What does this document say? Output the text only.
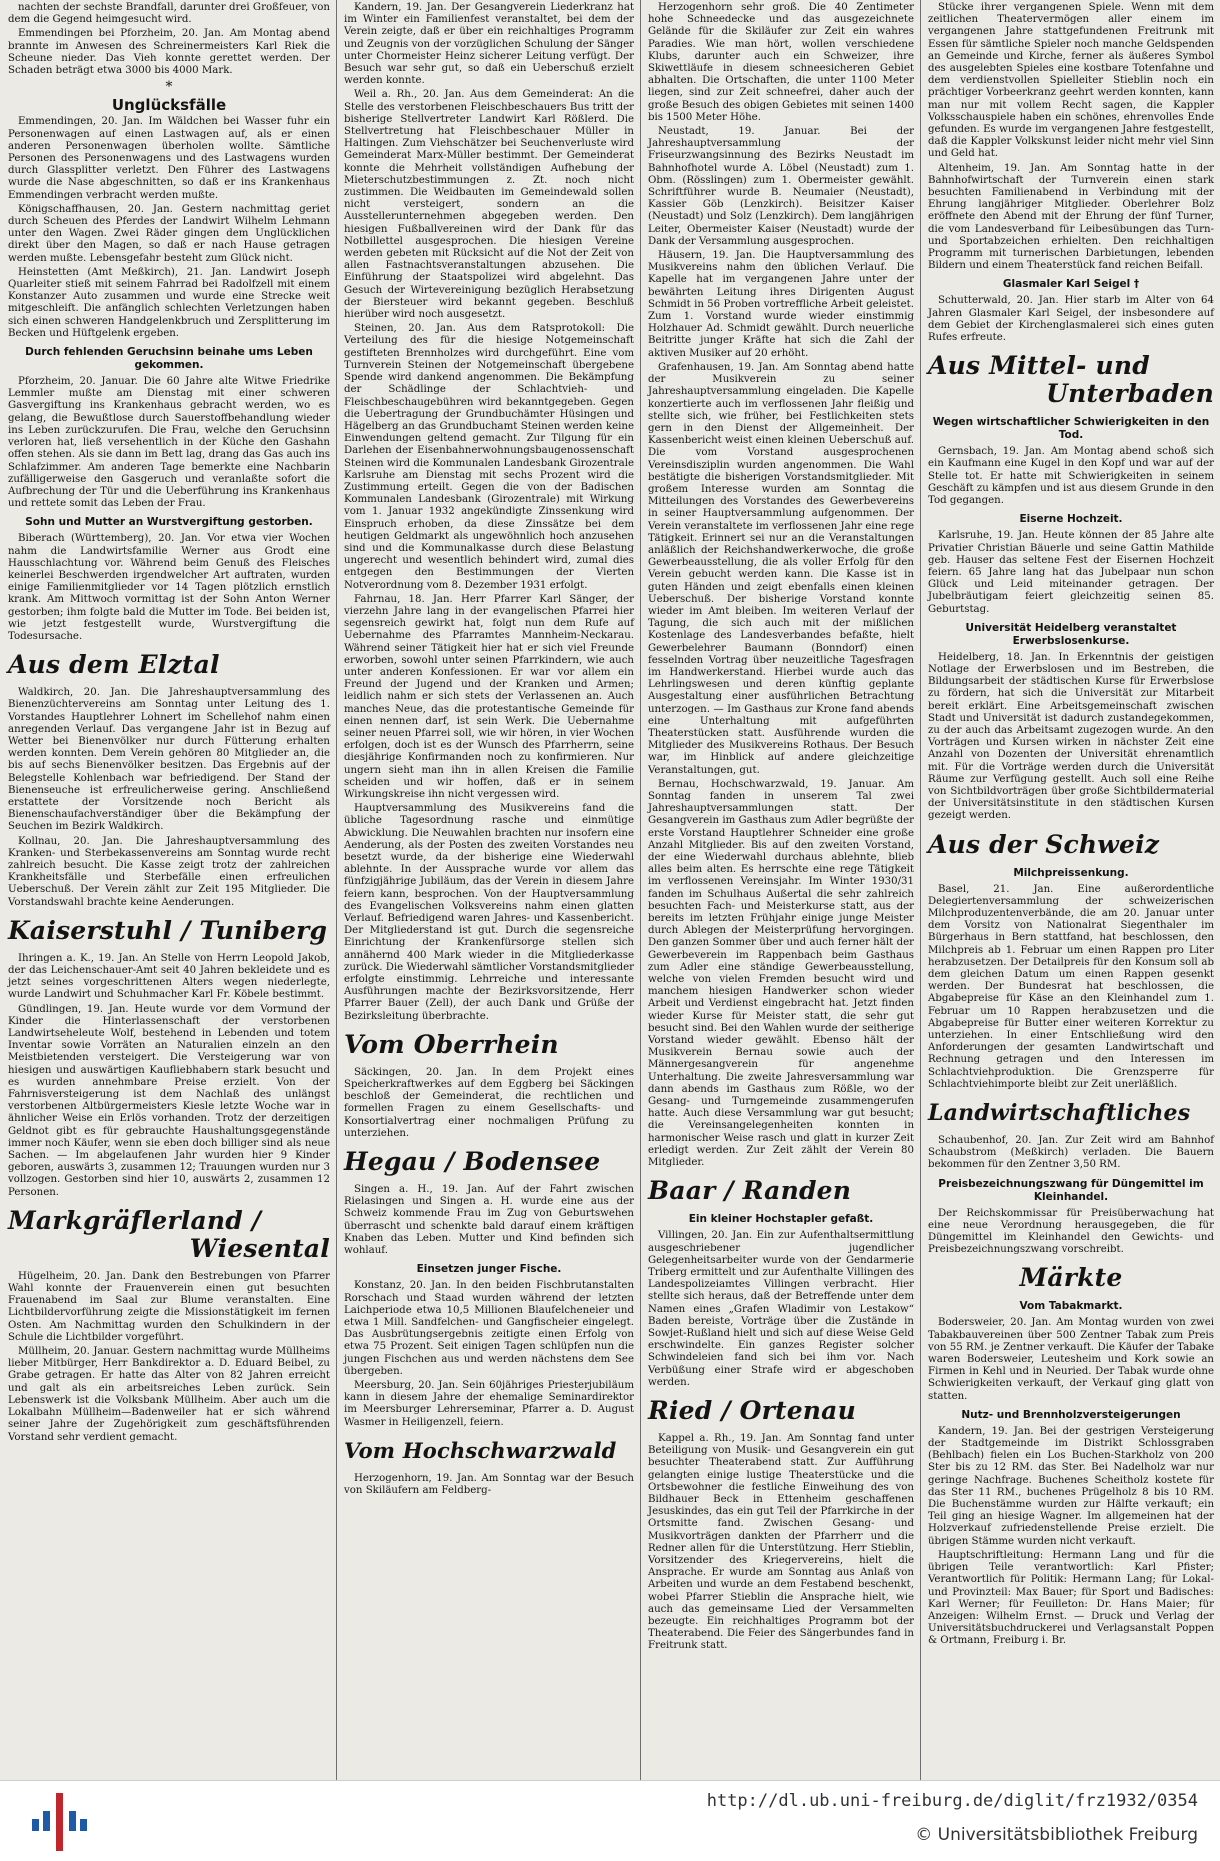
nachten der sechste Brandfall, darunter drei Großfeuer, von dem die Gegend heimgesucht wird.

Emmendingen bei Pforzheim, 20. Jan. Am Montag abend brannte im Anwesen des Schreinermeisters Karl Riek die Scheune nieder. Das Vieh konnte gerettet werden. Der Schaden beträgt etwa 3000 bis 4000 Mark.

*

Unglücksfälle

Emmendingen, 20. Jan. Im Wäldchen bei Wasser fuhr ein Personenwagen auf einen Lastwagen auf, als er einen anderen Personenwagen überholen wollte. Sämtliche Personen des Personenwagens und des Lastwagens wurden durch Glassplitter verletzt. Den Führer des Lastwagens wurde die Nase abgeschnitten, so daß er ins Krankenhaus Emmendingen verbracht werden mußte.

Königschaffhausen, 20. Jan. Gestern nachmittag geriet durch Scheuen des Pferdes der Landwirt Wilhelm Lehmann unter den Wagen. Zwei Räder gingen dem Unglücklichen direkt über den Magen, so daß er nach Hause getragen werden mußte. Lebensgefahr besteht zum Glück nicht.

Heinstetten (Amt Meßkirch), 21. Jan. Landwirt Joseph Quarleiter stieß mit seinem Fahrrad bei Radolfzell mit einem Konstanzer Auto zusammen und wurde eine Strecke weit mitgeschleift. Die anfänglich schlechten Verletzungen haben sich einen schweren Handgelenkbruch und Zersplitterung im Becken und Hüftgelenk ergeben.

Durch fehlenden Geruchsinn beinahe ums Leben gekommen.

Pforzheim, 20. Januar. Die 60 Jahre alte Witwe Friedrike Lemmler mußte am Dienstag mit einer schweren Gasvergiftung ins Krankenhaus gebracht werden, wo es gelang, die Bewußtlose durch Sauerstoffbehandlung wieder ins Leben zurückzurufen. Die Frau, welche den Geruchsinn verloren hat, ließ versehentlich in der Küche den Gashahn offen stehen. Als sie dann im Bett lag, drang das Gas auch ins Schlafzimmer. Am anderen Tage bemerkte eine Nachbarin zufälligerweise den Gasgeruch und veranlaßte sofort die Aufbrechung der Tür und die Ueberführung ins Krankenhaus und rettete somit das Leben der Frau.

Sohn und Mutter an Wurstvergiftung gestorben.

Biberach (Württemberg), 20. Jan. Vor etwa vier Wochen nahm die Landwirtsfamilie Werner aus Grodt eine Hausschlachtung vor. Während beim Genuß des Fleisches keinerlei Beschwerden irgendwelcher Art auftraten, wurden einige Familienmitglieder vor 14 Tagen plötzlich ernstlich krank. Am Mittwoch vormittag ist der Sohn Anton Werner gestorben; ihm folgte bald die Mutter im Tode. Bei beiden ist, wie jetzt festgestellt wurde, Wurstvergiftung die Todesursache.

Aus dem Elztal

Waldkirch, 20. Jan. Die Jahreshauptversammlung des Bienenzüchtervereins am Sonntag unter Leitung des 1. Vorstandes Hauptlehrer Lohnert im Schellehof nahm einen anregenden Verlauf. Das vergangene Jahr ist in Bezug auf Wetter bei Bienenvölker nur durch Fütterung erhalten werden konnten. Dem Verein gehören 80 Mitglieder an, die bis auf sechs Bienenvölker besitzen. Das Ergebnis auf der Belegstelle Kohlenbach war befriedigend. Der Stand der Bienenseuche ist erfreulicherweise gering. Anschließend erstattete der Vorsitzende noch Bericht als Bienenschaufachverständiger über die Bekämpfung der Seuchen im Bezirk Waldkirch.

Kollnau, 20. Jan. Die Jahreshauptversammlung des Kranken- und Sterbekassenvereins am Sonntag wurde recht zahlreich besucht. Die Kasse zeigt trotz der zahlreichen Krankheitsfälle und Sterbefälle einen erfreulichen Ueberschuß. Der Verein zählt zur Zeit 195 Mitglieder. Die Vorstandswahl brachte keine Aenderungen.

Kaiserstuhl / Tuniberg

Ihringen a. K., 19. Jan. An Stelle von Herrn Leopold Jakob, der das Leichenschauer-Amt seit 40 Jahren bekleidete und es jetzt seines vorgeschrittenen Alters wegen niederlegte, wurde Landwirt und Schuhmacher Karl Fr. Köbele bestimmt.

Gündlingen, 19. Jan. Heute wurde vor dem Vormund der Kinder die Hinterlassenschaft der verstorbenen Landwirtseheleute Wolf, bestehend in Lebenden und totem Inventar sowie Vorräten an Naturalien einzeln an den Meistbietenden versteigert. Die Versteigerung war von hiesigen und auswärtigen Kaufliebhabern stark besucht und es wurden annehmbare Preise erzielt. Von der Fahrnisversteigerung ist dem Nachlaß des unlängst verstorbenen Altbürgermeisters Kiesle letzte Woche war in ähnlicher Weise ein Erlös vorhanden. Trotz der derzeitigen Geldnot gibt es für gebrauchte Haushaltungsgegenstände immer noch Käufer, wenn sie eben doch billiger sind als neue Sachen. — Im abgelaufenen Jahr wurden hier 9 Kinder geboren, auswärts 3, zusammen 12; Trauungen wurden nur 3 vollzogen. Gestorben sind hier 10, auswärts 2, zusammen 12 Personen.

Markgräflerland /
Wiesental

Hügelheim, 20. Jan. Dank den Bestrebungen von Pfarrer Wahl konnte der Frauenverein einen gut besuchten Frauenabend im Saal zur Blume veranstalten. Eine Lichtbildervorführung zeigte die Missionstätigkeit im fernen Osten. Am Nachmittag wurden den Schulkindern in der Schule die Lichtbilder vorgeführt.

Müllheim, 20. Januar. Gestern nachmittag wurde Müllheims lieber Mitbürger, Herr Bankdirektor a. D. Eduard Beibel, zu Grabe getragen. Er hatte das Alter von 82 Jahren erreicht und galt als ein arbeitsreiches Leben zurück. Sein Lebenswerk ist die Volksbank Müllheim. Aber auch um die Lokalbahn Müllheim—Badenweiler hat er sich während seiner Jahre der Zugehörigkeit zum geschäftsführenden Vorstand sehr verdient gemacht.

Kandern, 19. Jan. Der Gesangverein Liederkranz hat im Winter ein Familienfest veranstaltet, bei dem der Verein zeigte, daß er über ein reichhaltiges Programm und Zeugnis von der vorzüglichen Schulung der Sänger unter Chormeister Heinz sicherer Leitung verfügt. Der Besuch war sehr gut, so daß ein Ueberschuß erzielt werden konnte.

Weil a. Rh., 20. Jan. Aus dem Gemeinderat: An die Stelle des verstorbenen Fleischbeschauers Bus tritt der bisherige Stellvertreter Landwirt Karl Rößlerd. Die Stellvertretung hat Fleischbeschauer Müller in Haltingen. Zum Viehschätzer bei Seuchenverluste wird Gemeinderat Marx-Müller bestimmt. Der Gemeinderat konnte die Mehrheit vollständigen Aufhebung der Mieterschutzbestimmungen z. Zt. noch nicht zustimmen. Die Weidbauten im Gemeindewald sollen nicht versteigert, sondern an die Ausstellerunternehmen abgegeben werden. Den hiesigen Fußballvereinen wird der Dank für das Notbillettel ausgesprochen. Die hiesigen Vereine werden gebeten mit Rücksicht auf die Not der Zeit von allen Fastnachtsveranstaltungen abzusehen. Die Einführung der Staatspolizei wird abgelehnt. Das Gesuch der Wirtevereinigung bezüglich Herabsetzung der Biersteuer wird bekannt gegeben. Beschluß hierüber wird noch ausgesetzt.

Steinen, 20. Jan. Aus dem Ratsprotokoll: Die Verteilung des für die hiesige Notgemeinschaft gestifteten Brennholzes wird durchgeführt. Eine vom Turnverein Steinen der Notgemeinschaft übergebene Spende wird dankend angenommen. Die Bekämpfung der Schädlinge der Schlachtvieh- und Fleischbeschaugebühren wird bekanntgegeben. Gegen die Uebertragung der Grundbuchämter Hüsingen und Hägelberg an das Grundbuchamt Steinen werden keine Einwendungen geltend gemacht. Zur Tilgung für ein Darlehen der Eisenbahnerwohnungsbaugenossenschaft Steinen wird die Kommunalen Landesbank Girozentrale Karlsruhe am Dienstag mit sechs Prozent wird die Zustimmung erteilt. Gegen die von der Badischen Kommunalen Landesbank (Girozentrale) mit Wirkung vom 1. Januar 1932 angekündigte Zinssenkung wird Einspruch erhoben, da diese Zinssätze bei dem heutigen Geldmarkt als ungewöhnlich hoch anzusehen sind und die Kommunalkasse durch diese Belastung ungerecht und wesentlich behindert wird, zumal dies entgegen den Bestimmungen der Vierten Notverordnung vom 8. Dezember 1931 erfolgt.

Fahrnau, 18. Jan. Herr Pfarrer Karl Sänger, der vierzehn Jahre lang in der evangelischen Pfarrei hier segensreich gewirkt hat, folgt nun dem Rufe auf Uebernahme des Pfarramtes Mannheim-Neckarau. Während seiner Tätigkeit hier hat er sich viel Freunde erworben, sowohl unter seinen Pfarrkindern, wie auch unter anderen Konfessionen. Er war vor allem ein Freund der Jugend und der Kranken und Armen; leidlich nahm er sich stets der Verlassenen an. Auch manches Neue, das die protestantische Gemeinde für einen nennen darf, ist sein Werk. Die Uebernahme seiner neuen Pfarrei soll, wie wir hören, in vier Wochen erfolgen, doch ist es der Wunsch des Pfarrherrn, seine diesjährige Konfirmanden noch zu konfirmieren. Nur ungern sieht man ihn in allen Kreisen die Familie scheiden und wir hoffen, daß er in seinem Wirkungskreise ihn nicht vergessen wird.

Hauptversammlung des Musikvereins fand die übliche Tagesordnung rasche und einmütige Abwicklung. Die Neuwahlen brachten nur insofern eine Aenderung, als der Posten des zweiten Vorstandes neu besetzt wurde, da der bisherige eine Wiederwahl ablehnte. In der Aussprache wurde vor allem das fünfzigjährige Jubiläum, das der Verein in diesem Jahre feiern kann, besprochen. Von der Hauptversammlung des Evangelischen Volksvereins nahm einen glatten Verlauf. Befriedigend waren Jahres- und Kassenbericht. Der Mitgliederstand ist gut. Durch die segensreiche Einrichtung der Krankenfürsorge stellen sich annähernd 400 Mark wieder in die Mitgliederkasse zurück. Die Wiederwahl sämtlicher Vorstandsmitglieder erfolgte einstimmig. Lehrreiche und interessante Ausführungen machte der Bezirksvorsitzende, Herr Pfarrer Bauer (Zell), der auch Dank und Grüße der Bezirksleitung überbrachte.

Vom Oberrhein

Säckingen, 20. Jan. In dem Projekt eines Speicherkraftwerkes auf dem Eggberg bei Säckingen beschloß der Gemeinderat, die rechtlichen und formellen Fragen zu einem Gesellschafts- und Konsortialvertrag einer nochmaligen Prüfung zu unterziehen.

Hegau / Bodensee

Singen a. H., 19. Jan. Auf der Fahrt zwischen Rielasingen und Singen a. H. wurde eine aus der Schweiz kommende Frau im Zug von Geburtswehen überrascht und schenkte bald darauf einem kräftigen Knaben das Leben. Mutter und Kind befinden sich wohlauf.

Einsetzen junger Fische.

Konstanz, 20. Jan. In den beiden Fischbrutanstalten Rorschach und Staad wurden während der letzten Laichperiode etwa 10,5 Millionen Blaufelcheneier und etwa 1 Mill. Sandfelchen- und Gangfischeier eingelegt. Das Ausbrütungsergebnis zeitigte einen Erfolg von etwa 75 Prozent. Seit einigen Tagen schlüpfen nun die jungen Fischchen aus und werden nächstens dem See übergeben.

Meersburg, 20. Jan. Sein 60jähriges Priesterjubiläum kann in diesem Jahre der ehemalige Seminardirektor im Meersburger Lehrerseminar, Pfarrer a. D. August Wasmer in Heiligenzell, feiern.

Vom Hochschwarzwald

Herzogenhorn, 19. Jan. Am Sonntag war der Besuch von Skiläufern am Feldberg-

Herzogenhorn sehr groß. Die 40 Zentimeter hohe Schneedecke und das ausgezeichnete Gelände für die Skiläufer zur Zeit ein wahres Paradies. Wie man hört, wollen verschiedene Klubs, darunter auch ein Schweizer, ihre Skiwettläufe in diesem schneesicheren Gebiet abhalten. Die Ortschaften, die unter 1100 Meter liegen, sind zur Zeit schneefrei, daher auch der große Besuch des obigen Gebietes mit seinen 1400 bis 1500 Meter Höhe.

Neustadt, 19. Januar. Bei der Jahreshauptversammlung der Friseurzwangsinnung des Bezirks Neustadt im Bahnhofhotel wurde A. Löbel (Neustadt) zum 1. Obm. (Rösslingen) zum 1. Obermeister gewählt. Schriftführer wurde B. Neumaier (Neustadt), Kassier Göb (Lenzkirch). Beisitzer Kaiser (Neustadt) und Solz (Lenzkirch). Dem langjährigen Leiter, Obermeister Kaiser (Neustadt) wurde der Dank der Versammlung ausgesprochen.

Häusern, 19. Jan. Die Hauptversammlung des Musikvereins nahm den üblichen Verlauf. Die Kapelle hat im vergangenen Jahre unter der bewährten Leitung ihres Dirigenten August Schmidt in 56 Proben vortreffliche Arbeit geleistet. Zum 1. Vorstand wurde wieder einstimmig Holzhauer Ad. Schmidt gewählt. Durch neuerliche Beitritte junger Kräfte hat sich die Zahl der aktiven Musiker auf 20 erhöht.

Grafenhausen, 19. Jan. Am Sonntag abend hatte der Musikverein zu seiner Jahreshauptversammlung eingeladen. Die Kapelle konzertierte auch im verflossenen Jahr fleißig und stellte sich, wie früher, bei Festlichkeiten stets gern in den Dienst der Allgemeinheit. Der Kassenbericht weist einen kleinen Ueberschuß auf. Die vom Vorstand ausgesprochenen Vereinsdisziplin wurden angenommen. Die Wahl bestätigte die bisherigen Vorstandsmitglieder. Mit großem Interesse wurden am Sonntag die Mitteilungen des Vorstandes des Gewerbevereins in seiner Hauptversammlung aufgenommen. Der Verein veranstaltete im verflossenen Jahr eine rege Tätigkeit. Erinnert sei nur an die Veranstaltungen anläßlich der Reichshandwerkerwoche, die große Gewerbeausstellung, die als voller Erfolg für den Verein gebucht werden kann. Die Kasse ist in guten Händen und zeigt ebenfalls einen kleinen Ueberschuß. Der bisherige Vorstand konnte wieder im Amt bleiben. Im weiteren Verlauf der Tagung, die sich auch mit der mißlichen Kostenlage des Landesverbandes befaßte, hielt Gewerbelehrer Baumann (Bonndorf) einen fesselnden Vortrag über neuzeitliche Tagesfragen im Handwerkerstand. Hierbei wurde auch das Lehrlingswesen und deren künftig geplante Ausgestaltung einer ausführlichen Betrachtung unterzogen. — Im Gasthaus zur Krone fand abends eine Unterhaltung mit aufgeführten Theaterstücken statt. Ausführende wurden die Mitglieder des Musikvereins Rothaus. Der Besuch war, im Hinblick auf andere gleichzeitige Veranstaltungen, gut.

Bernau, Hochschwarzwald, 19. Januar. Am Sonntag fanden in unserem Tal zwei Jahreshauptversammlungen statt. Der Gesangverein im Gasthaus zum Adler begrüßte der erste Vorstand Hauptlehrer Schneider eine große Anzahl Mitglieder. Bis auf den zweiten Vorstand, der eine Wiederwahl durchaus ablehnte, blieb alles beim alten. Es herrschte eine rege Tätigkeit im verflossenen Vereinsjahr. Im Winter 1930/31 fanden im Schulhaus Außertal die sehr zahlreich besuchten Fach- und Meisterkurse statt, aus der bereits im letzten Frühjahr einige junge Meister durch Ablegen der Meisterprüfung hervorgingen. Den ganzen Sommer über und auch ferner hält der Gewerbeverein im Rappenbach beim Gasthaus zum Adler eine ständige Gewerbeausstellung, welche von vielen Fremden besucht wird und manchem hiesigen Handwerker schon wieder Arbeit und Verdienst eingebracht hat. Jetzt finden wieder Kurse für Meister statt, die sehr gut besucht sind. Bei den Wahlen wurde der seitherige Vorstand wieder gewählt. Ebenso hält der Musikverein Bernau sowie auch der Männergesangverein für angenehme Unterhaltung. Die zweite Jahresversammlung war dann abends im Gasthaus zum Rößle, wo der Gesang- und Turngemeinde zusammengerufen hatte. Auch diese Versammlung war gut besucht; die Vereinsangelegenheiten konnten in harmonischer Weise rasch und glatt in kurzer Zeit erledigt werden. Zur Zeit zählt der Verein 80 Mitglieder.

Baar / Randen
Ein kleiner Hochstapler gefaßt.

Villingen, 20. Jan. Ein zur Aufenthaltsermittlung ausgeschriebener jugendlicher Gelegenheitsarbeiter wurde von der Gendarmerie Triberg ermittelt und zur Aufenthalte Villingen des Landespolizeiamtes Villingen verbracht. Hier stellte sich heraus, daß der Betreffende unter dem Namen eines „Grafen Wladimir von Lestakow“ Baden bereiste, Vorträge über die Zustände in Sowjet-Rußland hielt und sich auf diese Weise Geld erschwindelte. Ein ganzes Register solcher Schwindeleien fand sich bei ihm vor. Nach Verbüßung einer Strafe wird er abgeschoben werden.

Ried / Ortenau

Kappel a. Rh., 19. Jan. Am Sonntag fand unter Beteiligung von Musik- und Gesangverein ein gut besuchter Theaterabend statt. Zur Aufführung gelangten einige lustige Theaterstücke und die Ortsbewohner die festliche Einweihung des von Bildhauer Beck in Ettenheim geschaffenen Jesuskindes, das ein gut Teil der Pfarrkirche in der Ortsmitte fand. Zwischen Gesang- und Musikvorträgen dankten der Pfarrherr und die Redner allen für die Unterstützung. Herr Stieblin, Vorsitzender des Kriegervereins, hielt die Ansprache. Er wurde am Sonntag aus Anlaß von Arbeiten und wurde an dem Festabend beschenkt, wobei Pfarrer Stieblin die Ansprache hielt, wie auch das gemeinsame Lied der Versammelten bezeugte. Ein reichhaltiges Programm bot der Theaterabend. Die Feier des Sängerbundes fand in Freitrunk statt.

Stücke ihrer vergangenen Spiele. Wenn mit dem zeitlichen Theatervermögen aller einem im vergangenen Jahre stattgefundenen Freitrunk mit Essen für sämtliche Spieler noch manche Geldspenden an Gemeinde und Kirche, ferner als äußeres Symbol des ausgelebten Spieles eine kostbare Totenfahne und dem verdienstvollen Spielleiter Stieblin noch ein prächtiger Vorbeerkranz geehrt werden konnten, kann man nur mit vollem Recht sagen, die Kappler Volksschauspiele haben ein schönes, ehrenvolles Ende gefunden. Es wurde im vergangenen Jahre festgestellt, daß die Kappler Volkskunst leider nicht mehr viel Sinn und Geld hat.

Altenheim, 19. Jan. Am Sonntag hatte in der Bahnhofwirtschaft der Turnverein einen stark besuchten Familienabend in Verbindung mit der Ehrung langjähriger Mitglieder. Oberlehrer Bolz eröffnete den Abend mit der Ehrung der fünf Turner, die vom Landesverband für Leibesübungen das Turn- und Sportabzeichen erhielten. Den reichhaltigen Programm mit turnerischen Darbietungen, lebenden Bildern und einem Theaterstück fand reichen Beifall.

Glasmaler Karl Seigel †

Schutterwald, 20. Jan. Hier starb im Alter von 64 Jahren Glasmaler Karl Seigel, der insbesondere auf dem Gebiet der Kirchenglasmalerei sich eines guten Rufes erfreute.

Aus Mittel- und
Unterbaden
Wegen wirtschaftlicher Schwierigkeiten in den Tod.

Gernsbach, 19. Jan. Am Montag abend schoß sich ein Kaufmann eine Kugel in den Kopf und war auf der Stelle tot. Er hatte mit Schwierigkeiten in seinem Geschäft zu kämpfen und ist aus diesem Grunde in den Tod gegangen.

Eiserne Hochzeit.

Karlsruhe, 19. Jan. Heute können der 85 Jahre alte Privatier Christian Bäuerle und seine Gattin Mathilde geb. Hauser das seltene Fest der Eisernen Hochzeit feiern. 65 Jahre lang hat das Jubelpaar nun schon Glück und Leid miteinander getragen. Der Jubelbräutigam feiert gleichzeitig seinen 85. Geburtstag.

Universität Heidelberg veranstaltet Erwerbslosenkurse.

Heidelberg, 18. Jan. In Erkenntnis der geistigen Notlage der Erwerbslosen und im Bestreben, die Bildungsarbeit der städtischen Kurse für Erwerbslose zu fördern, hat sich die Universität zur Mitarbeit bereit erklärt. Eine Arbeitsgemeinschaft zwischen Stadt und Universität ist dadurch zustandegekommen, zu der auch das Arbeitsamt zugezogen wurde. An den Vorträgen und Kursen wirken in nächster Zeit eine Anzahl von Dozenten der Universität ehrenamtlich mit. Für die Vorträge werden durch die Universität Räume zur Verfügung gestellt. Auch soll eine Reihe von Sichtbildvorträgen über große Sichtbildermaterial der Universitätsinstitute in den städtischen Kursen gezeigt werden.

Aus der Schweiz
Milchpreissenkung.

Basel, 21. Jan. Eine außerordentliche Delegiertenversammlung der schweizerischen Milchproduzentenverbände, die am 20. Januar unter dem Vorsitz von Nationalrat Siegenthaler im Bürgerhaus in Bern stattfand, hat beschlossen, den Milchpreis ab 1. Februar um einen Rappen pro Liter herabzusetzen. Der Detailpreis für den Konsum soll ab dem gleichen Datum um einen Rappen gesenkt werden. Der Bundesrat hat beschlossen, die Abgabepreise für Käse an den Kleinhandel zum 1. Februar um 10 Rappen herabzusetzen und die Abgabepreise für Butter einer weiteren Korrektur zu unterziehen. In einer Entschließung wird den Anforderungen der gesamten Landwirtschaft und Rechnung getragen und den Interessen im Schlachtviehproduktion. Die Grenzsperre für Schlachtviehimporte bleibt zur Zeit unerläßlich.

Landwirtschaftliches

Schaubenhof, 20. Jan. Zur Zeit wird am Bahnhof Schaubstrom (Meßkirch) verladen. Die Bauern bekommen für den Zentner 3,50 RM.

Preisbezeichnungszwang für Düngemittel im Kleinhandel.

Der Reichskommissar für Preisüberwachung hat eine neue Verordnung herausgegeben, die für Düngemittel im Kleinhandel den Gewichts- und Preisbezeichnungszwang vorschreibt.

Märkte
Vom Tabakmarkt.

Bodersweier, 20. Jan. Am Montag wurden von zwei Tabakbauvereinen über 500 Zentner Tabak zum Preis von 55 RM. je Zentner verkauft. Die Käufer der Tabake waren Bodersweier, Leutesheim und Kork sowie an Firmen in Kehl und in Neuried. Der Tabak wurde ohne Schwierigkeiten verkauft, der Verkauf ging glatt von statten.

Nutz- und Brennholzversteigerungen

Kandern, 19. Jan. Bei der gestrigen Versteigerung der Stadtgemeinde im Distrikt Schlossgraben (Behlbach) fielen ein Los Buchen-Starkholz von 200 Ster bis zu 12 RM. das Ster. Bei Nadelholz war nur geringe Nachfrage. Buchenes Scheitholz kostete für das Ster 11 RM., buchenes Prügelholz 8 bis 10 RM. Die Buchenstämme wurden zur Hälfte verkauft; ein Teil ging an hiesige Wagner. Im allgemeinen hat der Holzverkauf zufriedenstellende Preise erzielt. Die übrigen Stämme wurden nicht verkauft.

Hauptschriftleitung: Hermann Lang und für die übrigen Teile verantwortlich: Karl Pfister; Verantwortlich für Politik: Hermann Lang; für Lokal- und Provinzteil: Max Bauer; für Sport und Badisches: Karl Werner; für Feuilleton: Dr. Hans Maier; für Anzeigen: Wilhelm Ernst. — Druck und Verlag der Universitätsbuchdruckerei und Verlagsanstalt Poppen & Ortmann, Freiburg i. Br.

http://dl.ub.uni-freiburg.de/diglit/frz1932/0354
© Universitätsbibliothek Freiburg
